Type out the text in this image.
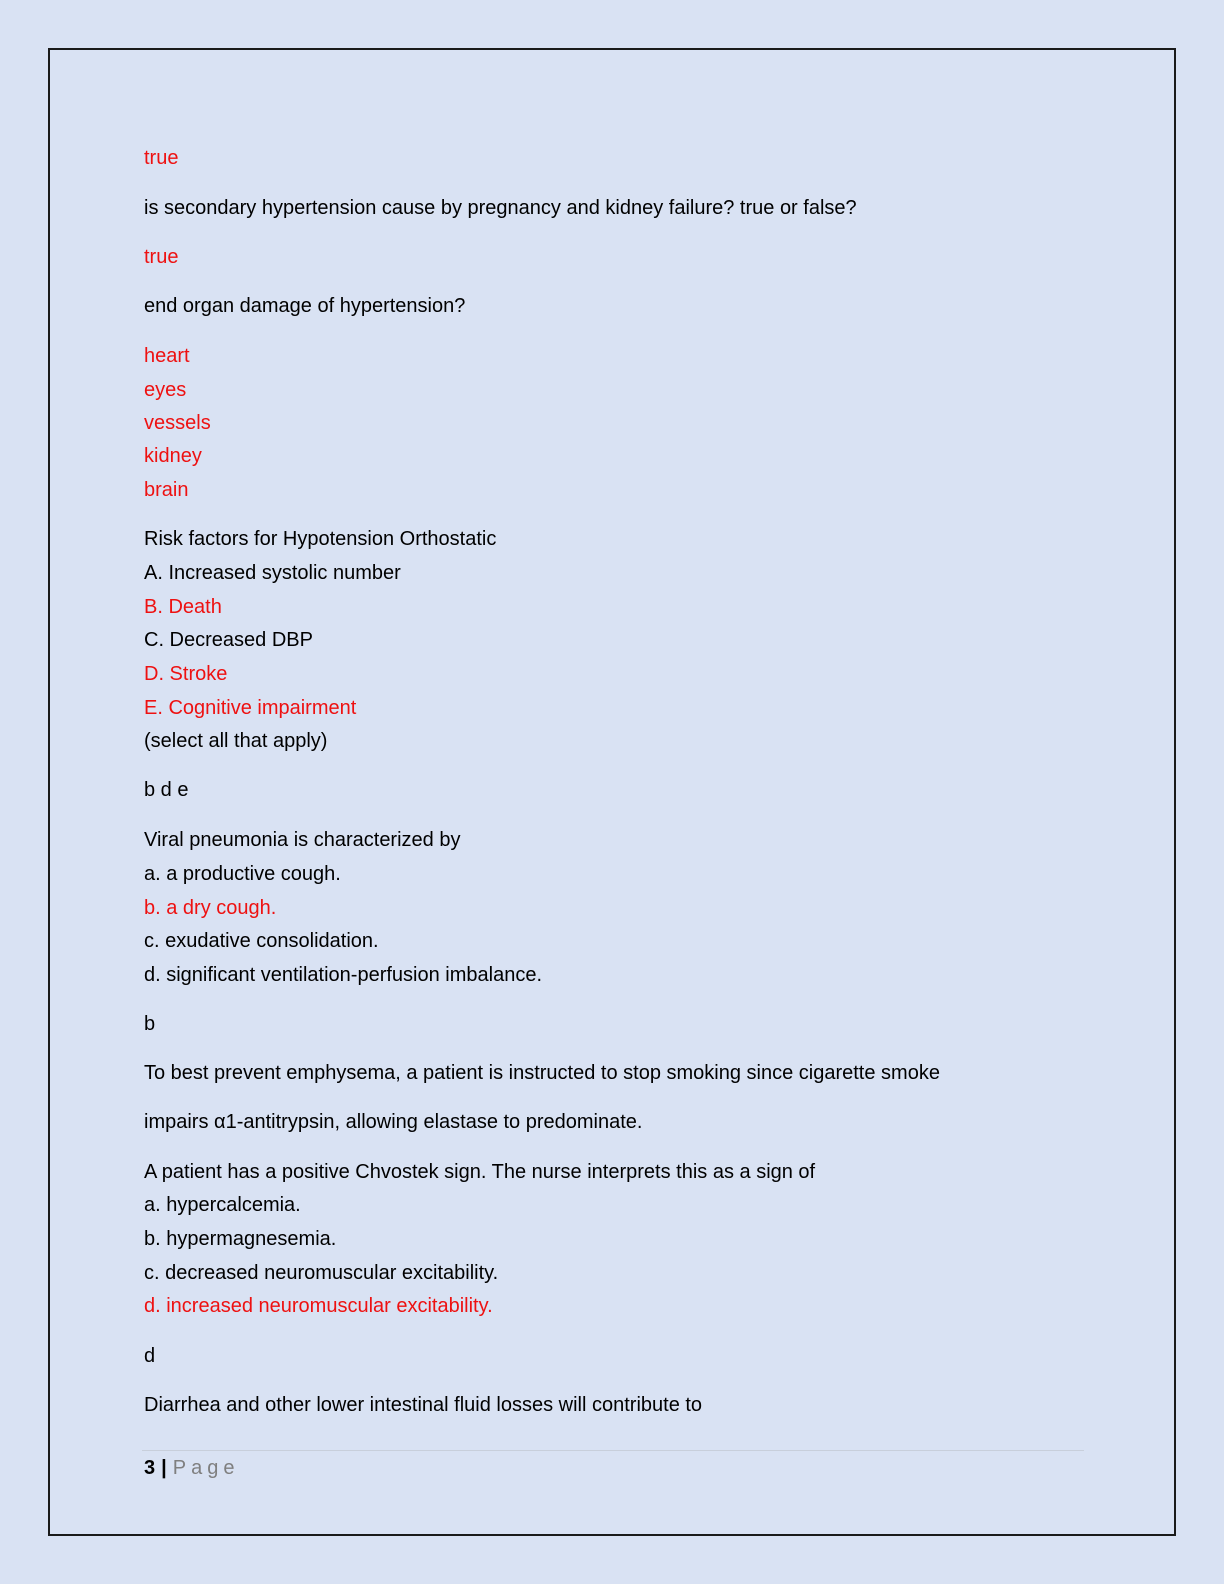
true
is secondary hypertension cause by pregnancy and kidney failure? true or false?
true
end organ damage of hypertension?
heart
eyes
vessels
kidney
brain
Risk factors for Hypotension Orthostatic
A. Increased systolic number
B. Death
C. Decreased DBP
D. Stroke
E. Cognitive impairment
(select all that apply)
b d e
Viral pneumonia is characterized by
a. a productive cough.
b. a dry cough.
c. exudative consolidation.
d. significant ventilation-perfusion imbalance.
b
To best prevent emphysema, a patient is instructed to stop smoking since cigarette smoke
impairs α1-antitrypsin, allowing elastase to predominate.
A patient has a positive Chvostek sign. The nurse interprets this as a sign of
a. hypercalcemia.
b. hypermagnesemia.
c. decreased neuromuscular excitability.
d. increased neuromuscular excitability.
d
Diarrhea and other lower intestinal fluid losses will contribute to
3 | Page
